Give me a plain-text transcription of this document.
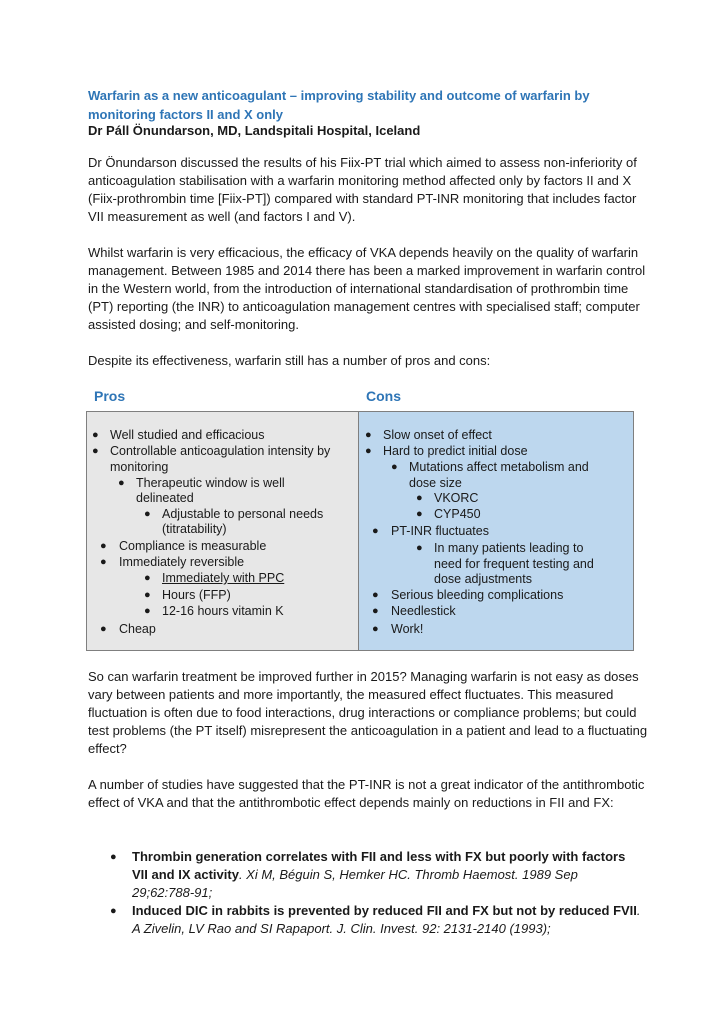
Warfarin as a new anticoagulant – improving stability and outcome of warfarin by monitoring factors II and X only
Dr Páll Önundarson, MD, Landspitali Hospital, Iceland

Dr Önundarson discussed the results of his Fiix-PT trial which aimed to assess non-inferiority of anticoagulation stabilisation with a warfarin monitoring method affected only by factors II and X (Fiix-prothrombin time [Fiix-PT]) compared with standard PT-INR monitoring that includes factor VII measurement as well (and factors I and V).

Whilst warfarin is very efficacious, the efficacy of VKA depends heavily on the quality of warfarin management. Between 1985 and 2014 there has been a marked improvement in warfarin control in the Western world, from the introduction of international standardisation of prothrombin time (PT) reporting (the INR) to anticoagulation management centres with specialised staff; computer assisted dosing; and self-monitoring.

Despite its effectiveness, warfarin still has a number of pros and cons:

Pros	Cons
● Well studied and efficacious
● Controllable anticoagulation intensity by
monitoring
● Therapeutic window is well
delineated
● Adjustable to personal needs
(titratability)
● Compliance is measurable
● Immediately reversible
● Immediately with PPC
● Hours (FFP)
● 12-16 hours vitamin K
● Cheap
● Slow onset of effect
● Hard to predict initial dose
● Mutations affect metabolism and
dose size
● VKORC
● CYP450
● PT-INR fluctuates
● In many patients leading to
need for frequent testing and
dose adjustments
● Serious bleeding complications
● Needlestick
● Work!

So can warfarin treatment be improved further in 2015? Managing warfarin is not easy as doses vary between patients and more importantly, the measured effect fluctuates. This measured fluctuation is often due to food interactions, drug interactions or compliance problems; but could test problems (the PT itself) misrepresent the anticoagulation in a patient and lead to a fluctuating effect?

A number of studies have suggested that the PT-INR is not a great indicator of the antithrombotic effect of VKA and that the antithrombotic effect depends mainly on reductions in FII and FX:

● Thrombin generation correlates with FII and less with FX but poorly with factors VII and IX activity. Xi M, Béguin S, Hemker HC. Thromb Haemost. 1989 Sep 29;62:788-91;

● Induced DIC in rabbits is prevented by reduced FII and FX but not by reduced FVII. A Zivelin, LV Rao and SI Rapaport. J. Clin. Invest. 92: 2131-2140 (1993);
